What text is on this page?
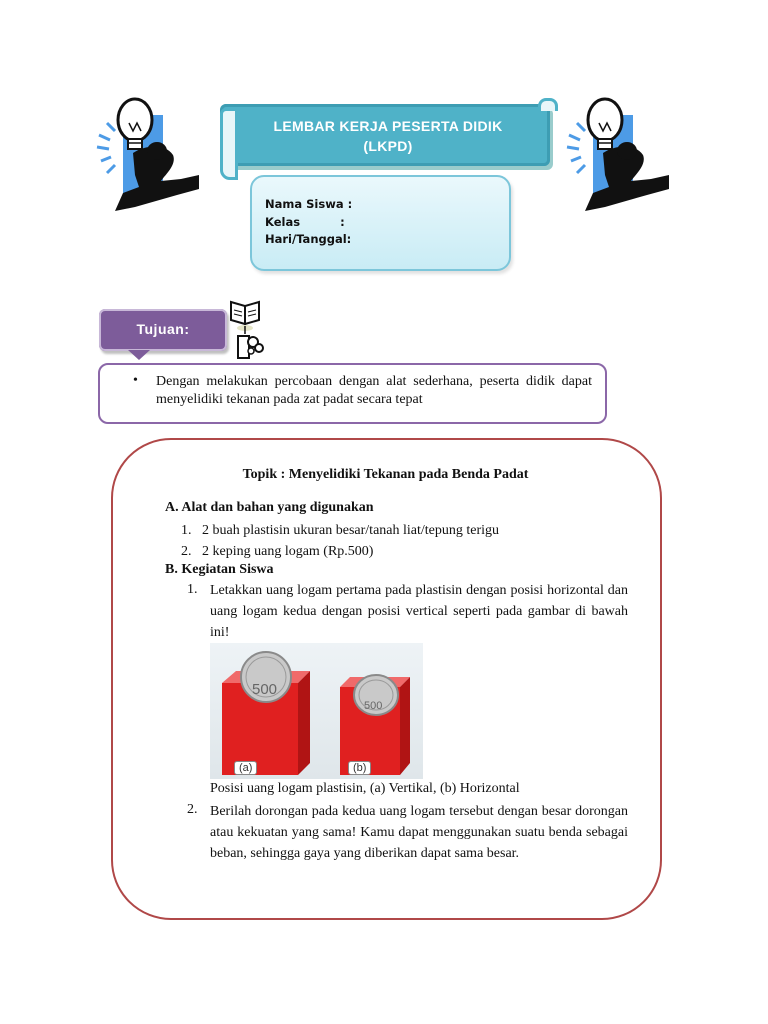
LEMBAR KERJA PESERTA DIDIK
(LKPD)
Nama Siswa :
Kelas          :
Hari/Tanggal:
Tujuan:
• Dengan melakukan percobaan dengan alat sederhana, peserta didik dapat menyelidiki tekanan pada zat padat secara tepat
Topik : Menyelidiki Tekanan pada Benda Padat
A. Alat dan bahan yang digunakan
1.   2 buah plastisin ukuran besar/tanah liat/tepung terigu
2.   2 keping uang logam (Rp.500)
B. Kegiatan Siswa
1. Letakkan uang logam pertama pada plastisin dengan posisi horizontal dan uang logam kedua dengan posisi vertical seperti pada gambar di bawah ini!
500
500
(a)	(b)
Posisi uang logam plastisin, (a) Vertikal, (b) Horizontal
2. Berilah dorongan pada kedua uang logam tersebut dengan besar dorongan atau kekuatan yang sama! Kamu dapat menggunakan suatu benda sebagai beban, sehingga gaya yang diberikan dapat sama besar.
